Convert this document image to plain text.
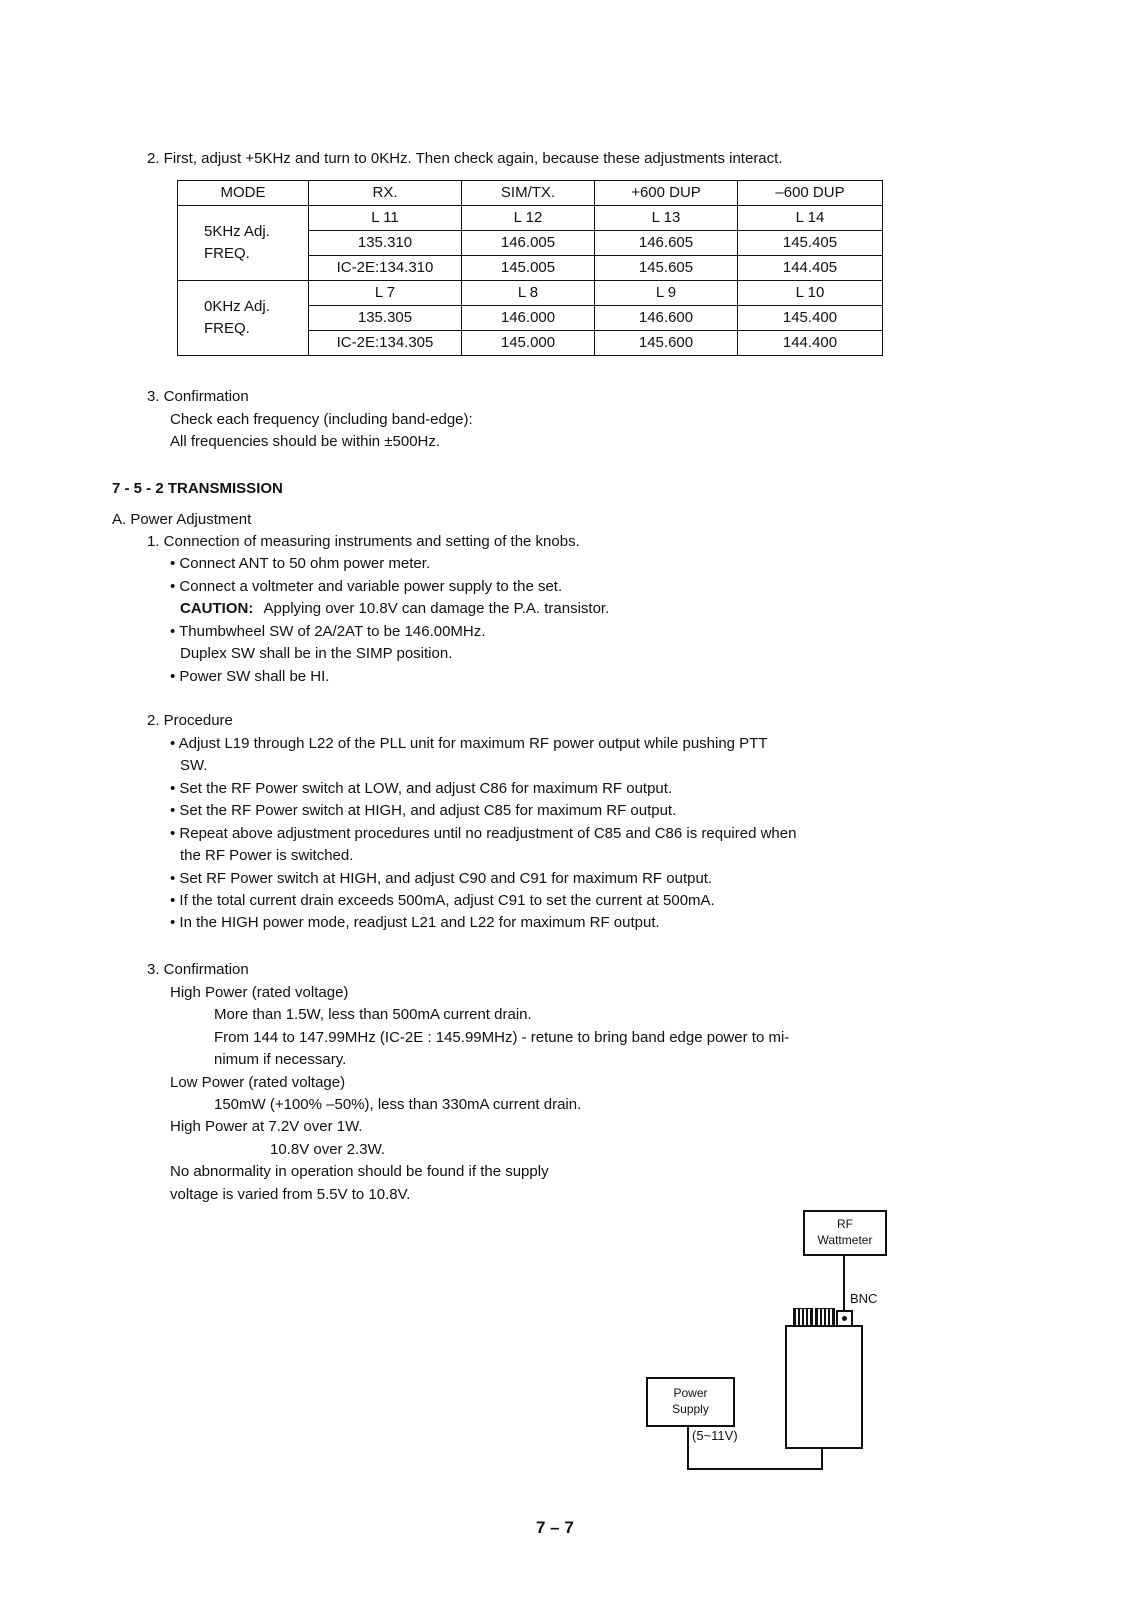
2. First, adjust +5KHz and turn to 0KHz. Then check again, because these adjustments interact.
MODE	RX.	SIM/TX.	+600 DUP	–600 DUP

5KHz Adj.
FREQ.	L 11	L 12	L 13	L 14
	135.310	146.005	146.605	145.405
	IC-2E:134.310	145.005	145.605	144.405

0KHz Adj.
FREQ.	L 7	L 8	L 9	L 10
	135.305	146.000	146.600	145.400
	IC-2E:134.305	145.000	145.600	144.400
3. Confirmation
Check each frequency (including band-edge):
All frequencies should be within ±500Hz.
7 - 5 - 2 TRANSMISSION
A. Power Adjustment
1. Connection of measuring instruments and setting of the knobs.
• Connect ANT to 50 ohm power meter.
• Connect a voltmeter and variable power supply to the set.
CAUTION: Applying over 10.8V can damage the P.A. transistor.
• Thumbwheel SW of 2A/2AT to be 146.00MHz.
Duplex SW shall be in the SIMP position.
• Power SW shall be HI.
2. Procedure
• Adjust L19 through L22 of the PLL unit for maximum RF power output while pushing PTT
SW.
• Set the RF Power switch at LOW, and adjust C86 for maximum RF output.
• Set the RF Power switch at HIGH, and adjust C85 for maximum RF output.
• Repeat above adjustment procedures until no readjustment of C85 and C86 is required when
the RF Power is switched.
• Set RF Power switch at HIGH, and adjust C90 and C91 for maximum RF output.
• If the total current drain exceeds 500mA, adjust C91 to set the current at 500mA.
• In the HIGH power mode, readjust L21 and L22 for maximum RF output.
3. Confirmation
High Power (rated voltage)
More than 1.5W, less than 500mA current drain.
From 144 to 147.99MHz (IC-2E : 145.99MHz) - retune to bring band edge power to mi-
nimum if necessary.
Low Power (rated voltage)
150mW (+100% –50%), less than 330mA current drain.
High Power at 7.2V over 1W.
10.8V over 2.3W.
No abnormality in operation should be found if the supply
voltage is varied from 5.5V to 10.8V.
RF
Wattmeter
BNC
Power
Supply
(5~11V)
7 – 7
